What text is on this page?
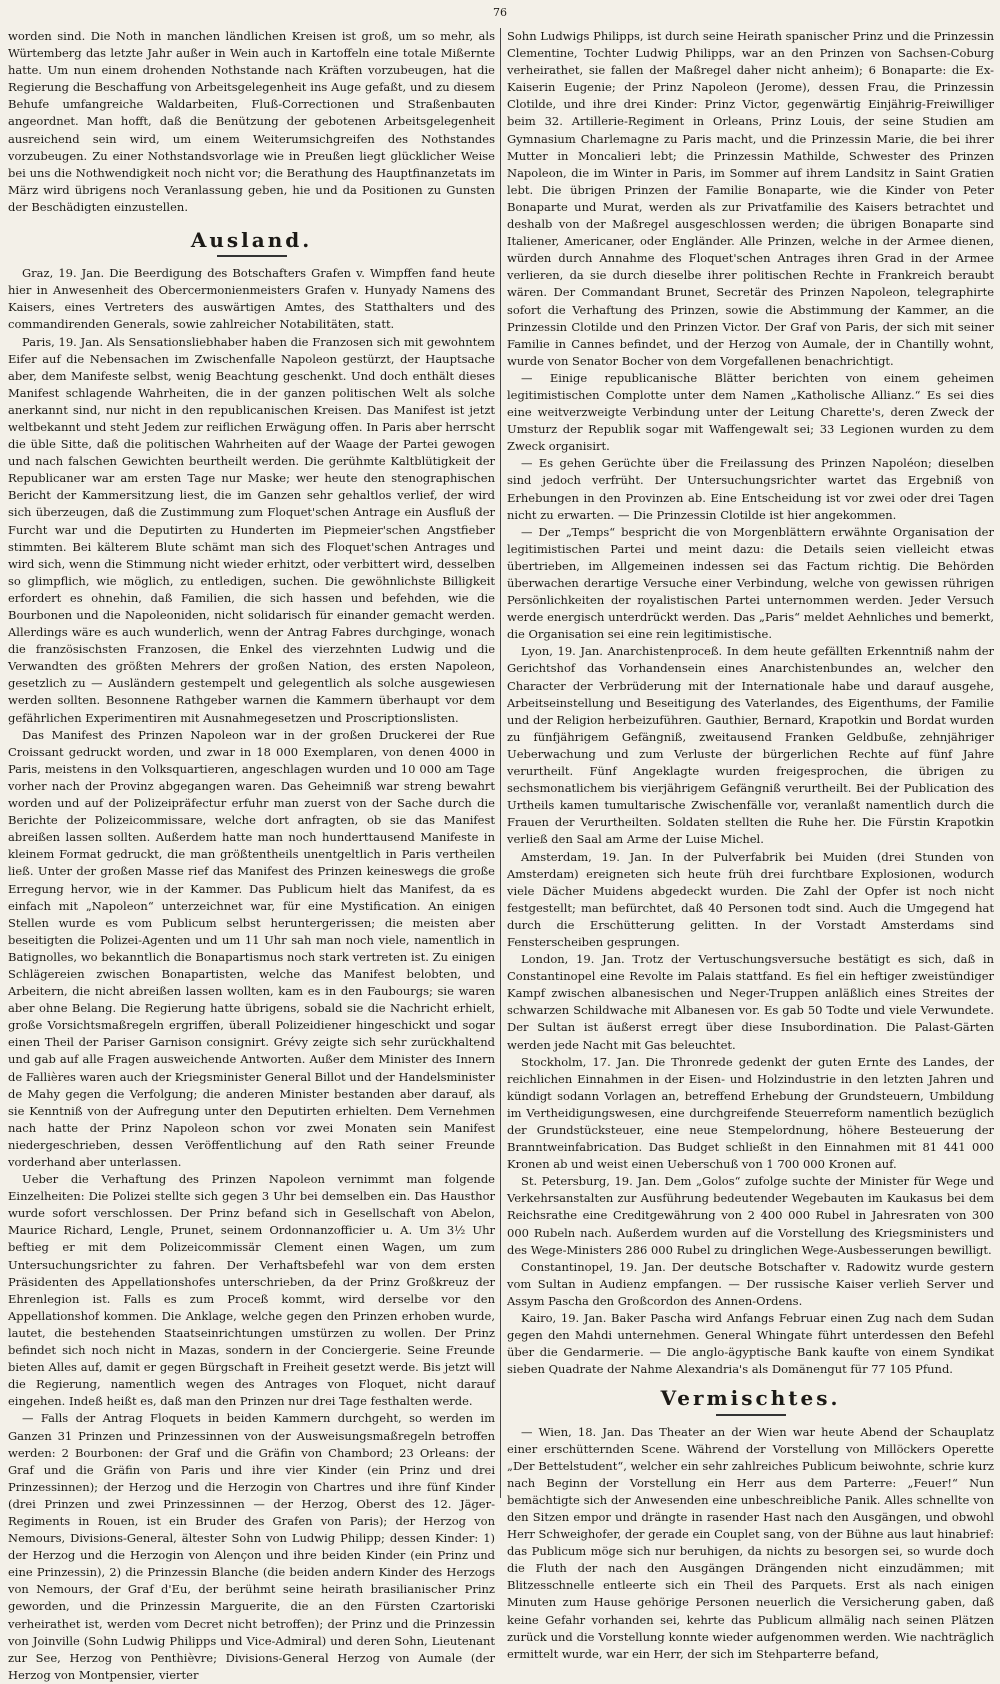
76

worden sind. Die Noth in manchen ländlichen Kreisen ist groß, um so mehr, als Würtemberg das letzte Jahr außer in Wein auch in Kartoffeln eine totale Mißernte hatte. Um nun einem drohenden Nothstande nach Kräften vorzubeugen, hat die Regierung die Beschaffung von Arbeitsgelegenheit ins Auge gefaßt, und zu diesem Behufe umfangreiche Waldarbeiten, Fluß-Correctionen und Straßenbauten angeordnet. Man hofft, daß die Benützung der gebotenen Arbeitsgelegenheit ausreichend sein wird, um einem Weiterumsichgreifen des Nothstandes vorzubeugen. Zu einer Nothstandsvorlage wie in Preußen liegt glücklicher Weise bei uns die Nothwendigkeit noch nicht vor; die Berathung des Hauptfinanzetats im März wird übrigens noch Veranlassung geben, hie und da Positionen zu Gunsten der Beschädigten einzustellen.

Ausland.

Graz, 19. Jan. Die Beerdigung des Botschafters Grafen v. Wimpffen fand heute hier in Anwesenheit des Obercermonienmeisters Grafen v. Hunyady Namens des Kaisers, eines Vertreters des auswärtigen Amtes, des Statthalters und des commandirenden Generals, sowie zahlreicher Notabilitäten, statt.

Paris, 19. Jan. Als Sensationsliebhaber haben die Franzosen sich mit gewohntem Eifer auf die Nebensachen im Zwischenfalle Napoleon gestürzt, der Hauptsache aber, dem Manifeste selbst, wenig Beachtung geschenkt. Und doch enthält dieses Manifest schlagende Wahrheiten, die in der ganzen politischen Welt als solche anerkannt sind, nur nicht in den republicanischen Kreisen. Das Manifest ist jetzt weltbekannt und steht Jedem zur reiflichen Erwägung offen. In Paris aber herrscht die üble Sitte, daß die politischen Wahrheiten auf der Waage der Partei gewogen und nach falschen Gewichten beurtheilt werden. Die gerühmte Kaltblütigkeit der Republicaner war am ersten Tage nur Maske; wer heute den stenographischen Bericht der Kammersitzung liest, die im Ganzen sehr gehaltlos verlief, der wird sich überzeugen, daß die Zustimmung zum Floquet'schen Antrage ein Ausfluß der Furcht war und die Deputirten zu Hunderten im Piepmeier'schen Angstfieber stimmten. Bei kälterem Blute schämt man sich des Floquet'schen Antrages und wird sich, wenn die Stimmung nicht wieder erhitzt, oder verbittert wird, desselben so glimpflich, wie möglich, zu entledigen, suchen. Die gewöhnlichste Billigkeit erfordert es ohnehin, daß Familien, die sich hassen und befehden, wie die Bourbonen und die Napoleoniden, nicht solidarisch für einander gemacht werden. Allerdings wäre es auch wunderlich, wenn der Antrag Fabres durchginge, wonach die französischsten Franzosen, die Enkel des vierzehnten Ludwig und die Verwandten des größten Mehrers der großen Nation, des ersten Napoleon, gesetzlich zu — Ausländern gestempelt und gelegentlich als solche ausgewiesen werden sollten. Besonnene Rathgeber warnen die Kammern überhaupt vor dem gefährlichen Experimentiren mit Ausnahmegesetzen und Proscriptionslisten.

Das Manifest des Prinzen Napoleon war in der großen Druckerei der Rue Croissant gedruckt worden, und zwar in 18 000 Exemplaren, von denen 4000 in Paris, meistens in den Volksquartieren, angeschlagen wurden und 10 000 am Tage vorher nach der Provinz abgegangen waren. Das Geheimniß war streng bewahrt worden und auf der Polizeipräfectur erfuhr man zuerst von der Sache durch die Berichte der Polizeicommissare, welche dort anfragten, ob sie das Manifest abreißen lassen sollten. Außerdem hatte man noch hunderttausend Manifeste in kleinem Format gedruckt, die man größtentheils unentgeltlich in Paris vertheilen ließ. Unter der großen Masse rief das Manifest des Prinzen keineswegs die große Erregung hervor, wie in der Kammer. Das Publicum hielt das Manifest, da es einfach mit „Napoleon“ unterzeichnet war, für eine Mystification. An einigen Stellen wurde es vom Publicum selbst heruntergerissen; die meisten aber beseitigten die Polizei-Agenten und um 11 Uhr sah man noch viele, namentlich in Batignolles, wo bekanntlich die Bonapartismus noch stark vertreten ist. Zu einigen Schlägereien zwischen Bonapartisten, welche das Manifest belobten, und Arbeitern, die nicht abreißen lassen wollten, kam es in den Faubourgs; sie waren aber ohne Belang. Die Regierung hatte übrigens, sobald sie die Nachricht erhielt, große Vorsichtsmaßregeln ergriffen, überall Polizeidiener hingeschickt und sogar einen Theil der Pariser Garnison consignirt. Grévy zeigte sich sehr zurückhaltend und gab auf alle Fragen ausweichende Antworten. Außer dem Minister des Innern de Fallières waren auch der Kriegsminister General Billot und der Handelsminister de Mahy gegen die Verfolgung; die anderen Minister bestanden aber darauf, als sie Kenntniß von der Aufregung unter den Deputirten erhielten. Dem Vernehmen nach hatte der Prinz Napoleon schon vor zwei Monaten sein Manifest niedergeschrieben, dessen Veröffentlichung auf den Rath seiner Freunde vorderhand aber unterlassen.

Ueber die Verhaftung des Prinzen Napoleon vernimmt man folgende Einzelheiten: Die Polizei stellte sich gegen 3 Uhr bei demselben ein. Das Hausthor wurde sofort verschlossen. Der Prinz befand sich in Gesellschaft von Abelon, Maurice Richard, Lengle, Prunet, seinem Ordonnanzofficier u. A. Um 3½ Uhr beftieg er mit dem Polizeicommissär Clement einen Wagen, um zum Untersuchungsrichter zu fahren. Der Verhaftsbefehl war von dem ersten Präsidenten des Appellationshofes unterschrieben, da der Prinz Großkreuz der Ehrenlegion ist. Falls es zum Proceß kommt, wird derselbe vor den Appellationshof kommen. Die Anklage, welche gegen den Prinzen erhoben wurde, lautet, die bestehenden Staatseinrichtungen umstürzen zu wollen. Der Prinz befindet sich noch nicht in Mazas, sondern in der Conciergerie. Seine Freunde bieten Alles auf, damit er gegen Bürgschaft in Freiheit gesetzt werde. Bis jetzt will die Regierung, namentlich wegen des Antrages von Floquet, nicht darauf eingehen. Indeß heißt es, daß man den Prinzen nur drei Tage festhalten werde.

— Falls der Antrag Floquets in beiden Kammern durchgeht, so werden im Ganzen 31 Prinzen und Prinzessinnen von der Ausweisungsmaßregeln betroffen werden: 2 Bourbonen: der Graf und die Gräfin von Chambord; 23 Orleans: der Graf und die Gräfin von Paris und ihre vier Kinder (ein Prinz und drei Prinzessinnen); der Herzog und die Herzogin von Chartres und ihre fünf Kinder (drei Prinzen und zwei Prinzessinnen — der Herzog, Oberst des 12. Jäger-Regiments in Rouen, ist ein Bruder des Grafen von Paris); der Herzog von Nemours, Divisions-General, ältester Sohn von Ludwig Philipp; dessen Kinder: 1) der Herzog und die Herzogin von Alençon und ihre beiden Kinder (ein Prinz und eine Prinzessin), 2) die Prinzessin Blanche (die beiden andern Kinder des Herzogs von Nemours, der Graf d'Eu, der berühmt seine heirath brasilianischer Prinz geworden, und die Prinzessin Marguerite, die an den Fürsten Czartoriski verheirathet ist, werden vom Decret nicht betroffen); der Prinz und die Prinzessin von Joinville (Sohn Ludwig Philipps und Vice-Admiral) und deren Sohn, Lieutenant zur See, Herzog von Penthièvre; Divisions-General Herzog von Aumale (der Herzog von Montpensier, vierter

Sohn Ludwigs Philipps, ist durch seine Heirath spanischer Prinz und die Prinzessin Clementine, Tochter Ludwig Philipps, war an den Prinzen von Sachsen-Coburg verheirathet, sie fallen der Maßregel daher nicht anheim); 6 Bonaparte: die Ex-Kaiserin Eugenie; der Prinz Napoleon (Jerome), dessen Frau, die Prinzessin Clotilde, und ihre drei Kinder: Prinz Victor, gegenwärtig Einjährig-Freiwilliger beim 32. Artillerie-Regiment in Orleans, Prinz Louis, der seine Studien am Gymnasium Charlemagne zu Paris macht, und die Prinzessin Marie, die bei ihrer Mutter in Moncalieri lebt; die Prinzessin Mathilde, Schwester des Prinzen Napoleon, die im Winter in Paris, im Sommer auf ihrem Landsitz in Saint Gratien lebt. Die übrigen Prinzen der Familie Bonaparte, wie die Kinder von Peter Bonaparte und Murat, werden als zur Privatfamilie des Kaisers betrachtet und deshalb von der Maßregel ausgeschlossen werden; die übrigen Bonaparte sind Italiener, Americaner, oder Engländer. Alle Prinzen, welche in der Armee dienen, würden durch Annahme des Floquet'schen Antrages ihren Grad in der Armee verlieren, da sie durch dieselbe ihrer politischen Rechte in Frankreich beraubt wären. Der Commandant Brunet, Secretär des Prinzen Napoleon, telegraphirte sofort die Verhaftung des Prinzen, sowie die Abstimmung der Kammer, an die Prinzessin Clotilde und den Prinzen Victor. Der Graf von Paris, der sich mit seiner Familie in Cannes befindet, und der Herzog von Aumale, der in Chantilly wohnt, wurde von Senator Bocher von dem Vorgefallenen benachrichtigt.

— Einige republicanische Blätter berichten von einem geheimen legitimistischen Complotte unter dem Namen „Katholische Allianz.“ Es sei dies eine weitverzweigte Verbindung unter der Leitung Charette's, deren Zweck der Umsturz der Republik sogar mit Waffengewalt sei; 33 Legionen wurden zu dem Zweck organisirt.

— Es gehen Gerüchte über die Freilassung des Prinzen Napoléon; dieselben sind jedoch verfrüht. Der Untersuchungsrichter wartet das Ergebniß von Erhebungen in den Provinzen ab. Eine Entscheidung ist vor zwei oder drei Tagen nicht zu erwarten. — Die Prinzessin Clotilde ist hier angekommen.

— Der „Temps“ bespricht die von Morgenblättern erwähnte Organisation der legitimistischen Partei und meint dazu: die Details seien vielleicht etwas übertrieben, im Allgemeinen indessen sei das Factum richtig. Die Behörden überwachen derartige Versuche einer Verbindung, welche von gewissen rührigen Persönlichkeiten der royalistischen Partei unternommen werden. Jeder Versuch werde energisch unterdrückt werden. Das „Paris“ meldet Aehnliches und bemerkt, die Organisation sei eine rein legitimistische.

Lyon, 19. Jan. Anarchistenproceß. In dem heute gefällten Erkenntniß nahm der Gerichtshof das Vorhandensein eines Anarchistenbundes an, welcher den Character der Verbrüderung mit der Internationale habe und darauf ausgehe, Arbeitseinstellung und Beseitigung des Vaterlandes, des Eigenthums, der Familie und der Religion herbeizuführen. Gauthier, Bernard, Krapotkin und Bordat wurden zu fünfjährigem Gefängniß, zweitausend Franken Geldbuße, zehnjähriger Ueberwachung und zum Verluste der bürgerlichen Rechte auf fünf Jahre verurtheilt. Fünf Angeklagte wurden freigesprochen, die übrigen zu sechsmonatlichem bis vierjährigem Gefängniß verurtheilt. Bei der Publication des Urtheils kamen tumultarische Zwischenfälle vor, veranlaßt namentlich durch die Frauen der Verurtheilten. Soldaten stellten die Ruhe her. Die Fürstin Krapotkin verließ den Saal am Arme der Luise Michel.

Amsterdam, 19. Jan. In der Pulverfabrik bei Muiden (drei Stunden von Amsterdam) ereigneten sich heute früh drei furchtbare Explosionen, wodurch viele Dächer Muidens abgedeckt wurden. Die Zahl der Opfer ist noch nicht festgestellt; man befürchtet, daß 40 Personen todt sind. Auch die Umgegend hat durch die Erschütterung gelitten. In der Vorstadt Amsterdams sind Fensterscheiben gesprungen.

London, 19. Jan. Trotz der Vertuschungsversuche bestätigt es sich, daß in Constantinopel eine Revolte im Palais stattfand. Es fiel ein heftiger zweistündiger Kampf zwischen albanesischen und Neger-Truppen anläßlich eines Streites der schwarzen Schildwache mit Albanesen vor. Es gab 50 Todte und viele Verwundete. Der Sultan ist äußerst erregt über diese Insubordination. Die Palast-Gärten werden jede Nacht mit Gas beleuchtet.

Stockholm, 17. Jan. Die Thronrede gedenkt der guten Ernte des Landes, der reichlichen Einnahmen in der Eisen- und Holzindustrie in den letzten Jahren und kündigt sodann Vorlagen an, betreffend Erhebung der Grundsteuern, Umbildung im Vertheidigungswesen, eine durchgreifende Steuerreform namentlich bezüglich der Grundstücksteuer, eine neue Stempelordnung, höhere Besteuerung der Branntweinfabrication. Das Budget schließt in den Einnahmen mit 81 441 000 Kronen ab und weist einen Ueberschuß von 1 700 000 Kronen auf.

St. Petersburg, 19. Jan. Dem „Golos“ zufolge suchte der Minister für Wege und Verkehrsanstalten zur Ausführung bedeutender Wegebauten im Kaukasus bei dem Reichsrathe eine Creditgewährung von 2 400 000 Rubel in Jahresraten von 300 000 Rubeln nach. Außerdem wurden auf die Vorstellung des Kriegsministers und des Wege-Ministers 286 000 Rubel zu dringlichen Wege-Ausbesserungen bewilligt.

Constantinopel, 19. Jan. Der deutsche Botschafter v. Radowitz wurde gestern vom Sultan in Audienz empfangen. — Der russische Kaiser verlieh Server und Assym Pascha den Großcordon des Annen-Ordens.

Kairo, 19. Jan. Baker Pascha wird Anfangs Februar einen Zug nach dem Sudan gegen den Mahdi unternehmen. General Whingate führt unterdessen den Befehl über die Gendarmerie. — Die anglo-ägyptische Bank kaufte von einem Syndikat sieben Quadrate der Nahme Alexandria's als Domänengut für 77 105 Pfund.

Vermischtes.

— Wien, 18. Jan. Das Theater an der Wien war heute Abend der Schauplatz einer erschütternden Scene. Während der Vorstellung von Millöckers Operette „Der Bettelstudent“, welcher ein sehr zahlreiches Publicum beiwohnte, schrie kurz nach Beginn der Vorstellung ein Herr aus dem Parterre: „Feuer!“ Nun bemächtigte sich der Anwesenden eine unbeschreibliche Panik. Alles schnellte von den Sitzen empor und drängte in rasender Hast nach den Ausgängen, und obwohl Herr Schweighofer, der gerade ein Couplet sang, von der Bühne aus laut hinabrief: das Publicum möge sich nur beruhigen, da nichts zu besorgen sei, so wurde doch die Fluth der nach den Ausgängen Drängenden nicht einzudämmen; mit Blitzesschnelle entleerte sich ein Theil des Parquets. Erst als nach einigen Minuten zum Hause gehörige Personen neuerlich die Versicherung gaben, daß keine Gefahr vorhanden sei, kehrte das Publicum allmälig nach seinen Plätzen zurück und die Vorstellung konnte wieder aufgenommen werden. Wie nachträglich ermittelt wurde, war ein Herr, der sich im Stehparterre befand,
